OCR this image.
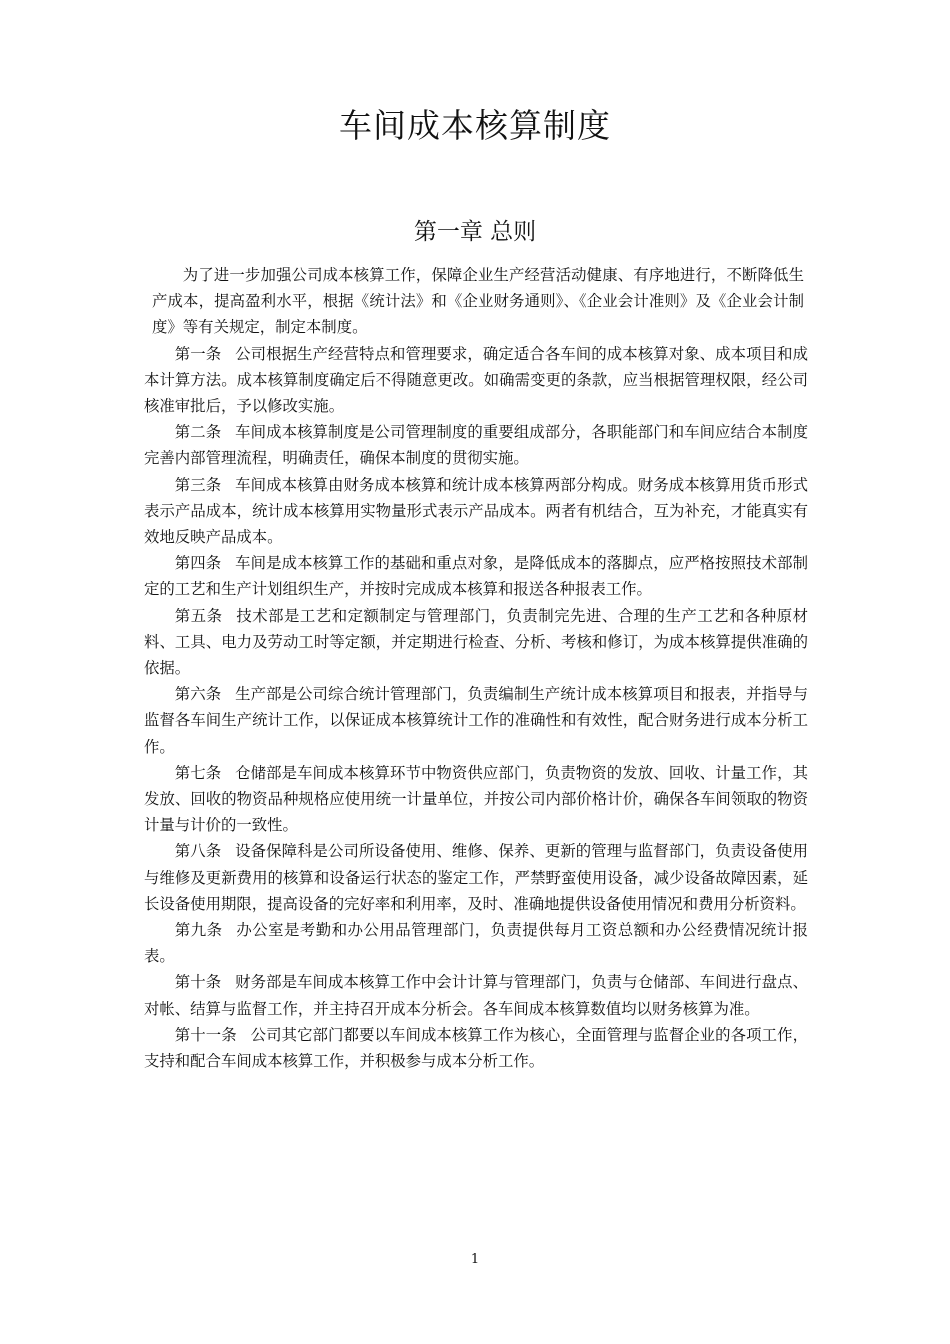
车间成本核算制度
第一章 总则

为了进一步加强公司成本核算工作，保障企业生产经营活动健康、有序地进行，不断降低生产成本，提高盈利水平，根据《统计法》和《企业财务通则》、《企业会计准则》及《企业会计制度》等有关规定，制定本制度。

第一条 公司根据生产经营特点和管理要求，确定适合各车间的成本核算对象、成本项目和成本计算方法。成本核算制度确定后不得随意更改。如确需变更的条款，应当根据管理权限，经公司核准审批后，予以修改实施。

第二条 车间成本核算制度是公司管理制度的重要组成部分，各职能部门和车间应结合本制度完善内部管理流程，明确责任，确保本制度的贯彻实施。

第三条 车间成本核算由财务成本核算和统计成本核算两部分构成。财务成本核算用货币形式表示产品成本，统计成本核算用实物量形式表示产品成本。两者有机结合，互为补充，才能真实有效地反映产品成本。

第四条 车间是成本核算工作的基础和重点对象，是降低成本的落脚点，应严格按照技术部制定的工艺和生产计划组织生产，并按时完成成本核算和报送各种报表工作。

第五条 技术部是工艺和定额制定与管理部门，负责制完先进、合理的生产工艺和各种原材料、工具、电力及劳动工时等定额，并定期进行检查、分析、考核和修订，为成本核算提供准确的依据。

第六条 生产部是公司综合统计管理部门，负责编制生产统计成本核算项目和报表，并指导与监督各车间生产统计工作，以保证成本核算统计工作的准确性和有效性，配合财务进行成本分析工作。

第七条 仓储部是车间成本核算环节中物资供应部门，负责物资的发放、回收、计量工作，其发放、回收的物资品种规格应使用统一计量单位，并按公司内部价格计价，确保各车间领取的物资计量与计价的一致性。

第八条 设备保障科是公司所设备使用、维修、保养、更新的管理与监督部门，负责设备使用与维修及更新费用的核算和设备运行状态的鉴定工作，严禁野蛮使用设备，减少设备故障因素，延长设备使用期限，提高设备的完好率和利用率，及时、准确地提供设备使用情况和费用分析资料。

第九条 办公室是考勤和办公用品管理部门，负责提供每月工资总额和办公经费情况统计报表。

第十条 财务部是车间成本核算工作中会计计算与管理部门，负责与仓储部、车间进行盘点、对帐、结算与监督工作，并主持召开成本分析会。各车间成本核算数值均以财务核算为准。

第十一条 公司其它部门都要以车间成本核算工作为核心，全面管理与监督企业的各项工作，支持和配合车间成本核算工作，并积极参与成本分析工作。

1
